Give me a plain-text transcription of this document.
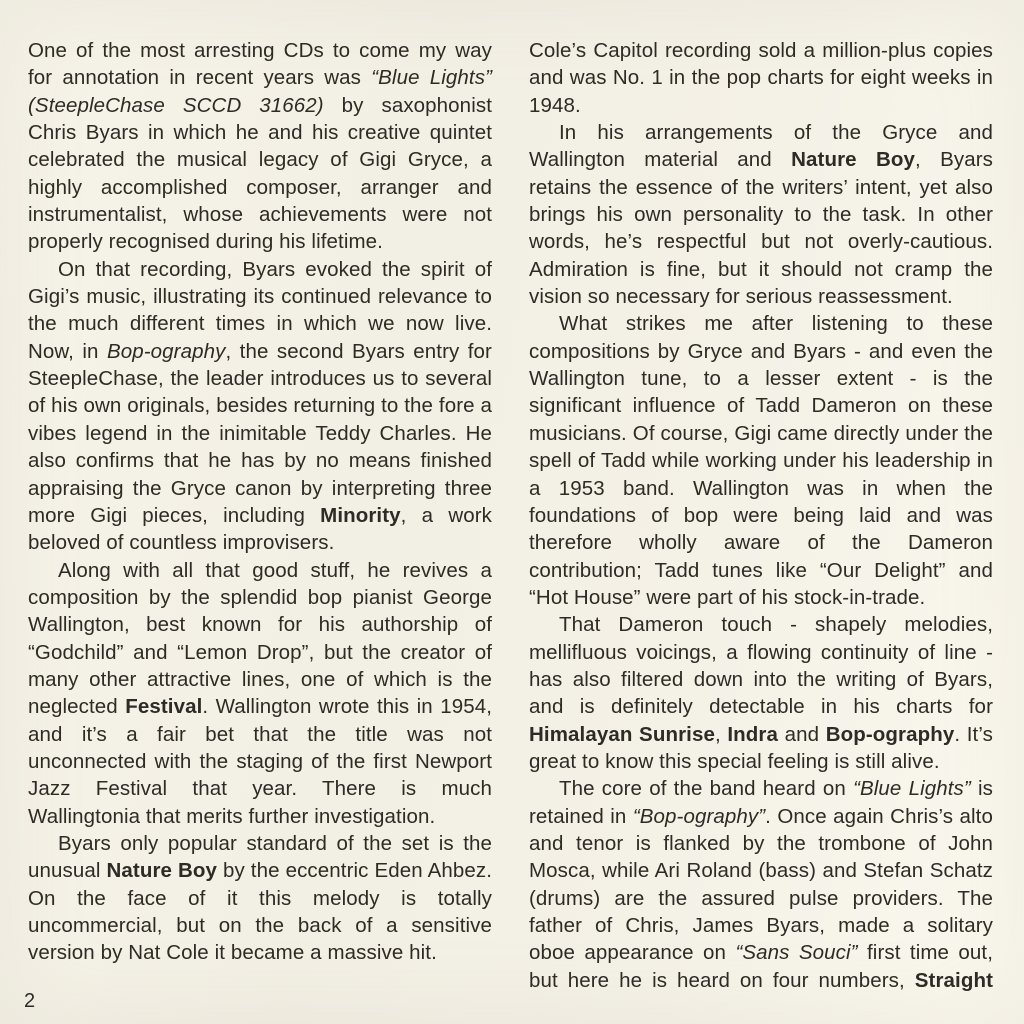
One of the most arresting CDs to come my way for annotation in recent years was “Blue Lights” (SteepleChase SCCD 31662) by saxophonist Chris Byars in which he and his creative quintet celebrated the musical legacy of Gigi Gryce, a highly accomplished composer, arranger and instrumentalist, whose achievements were not properly recognised during his lifetime.

On that recording, Byars evoked the spirit of Gigi’s music, illustrating its continued relevance to the much different times in which we now live. Now, in Bop-ography, the second Byars entry for SteepleChase, the leader introduces us to several of his own originals, besides returning to the fore a vibes legend in the inimitable Teddy Charles. He also confirms that he has by no means finished appraising the Gryce canon by interpreting three more Gigi pieces, including Minority, a work beloved of countless improvisers.

Along with all that good stuff, he revives a composition by the splendid bop pianist George Wallington, best known for his authorship of “Godchild” and “Lemon Drop”, but the creator of many other attractive lines, one of which is the neglected Festival. Wallington wrote this in 1954, and it’s a fair bet that the title was not unconnected with the staging of the first Newport Jazz Festival that year. There is much Wallingtonia that merits further investigation.

Byars only popular standard of the set is the unusual Nature Boy by the eccentric Eden Ahbez. On the face of it this melody is totally uncommercial, but on the back of a sensitive version by Nat Cole it became a massive hit.

Cole’s Capitol recording sold a million-plus copies and was No. 1 in the pop charts for eight weeks in 1948.

In his arrangements of the Gryce and Wallington material and Nature Boy, Byars retains the essence of the writers’ intent, yet also brings his own personality to the task. In other words, he’s respectful but not overly-cautious. Admiration is fine, but it should not cramp the vision so necessary for serious reassessment.

What strikes me after listening to these compositions by Gryce and Byars - and even the Wallington tune, to a lesser extent - is the significant influence of Tadd Dameron on these musicians. Of course, Gigi came directly under the spell of Tadd while working under his leadership in a 1953 band. Wallington was in when the foundations of bop were being laid and was therefore wholly aware of the Dameron contribution; Tadd tunes like “Our Delight” and “Hot House” were part of his stock-in-trade.

That Dameron touch - shapely melodies, mellifluous voicings, a flowing continuity of line - has also filtered down into the writing of Byars, and is definitely detectable in his charts for Himalayan Sunrise, Indra and Bop-ography. It’s great to know this special feeling is still alive.

The core of the band heard on “Blue Lights” is retained in “Bop-ography”. Once again Chris’s alto and tenor is flanked by the trombone of John Mosca, while Ari Roland (bass) and Stefan Schatz (drums) are the assured pulse providers. The father of Chris, James Byars, made a solitary oboe appearance on “Sans Souci” first time out, but here he is heard on four numbers, Straight

2
